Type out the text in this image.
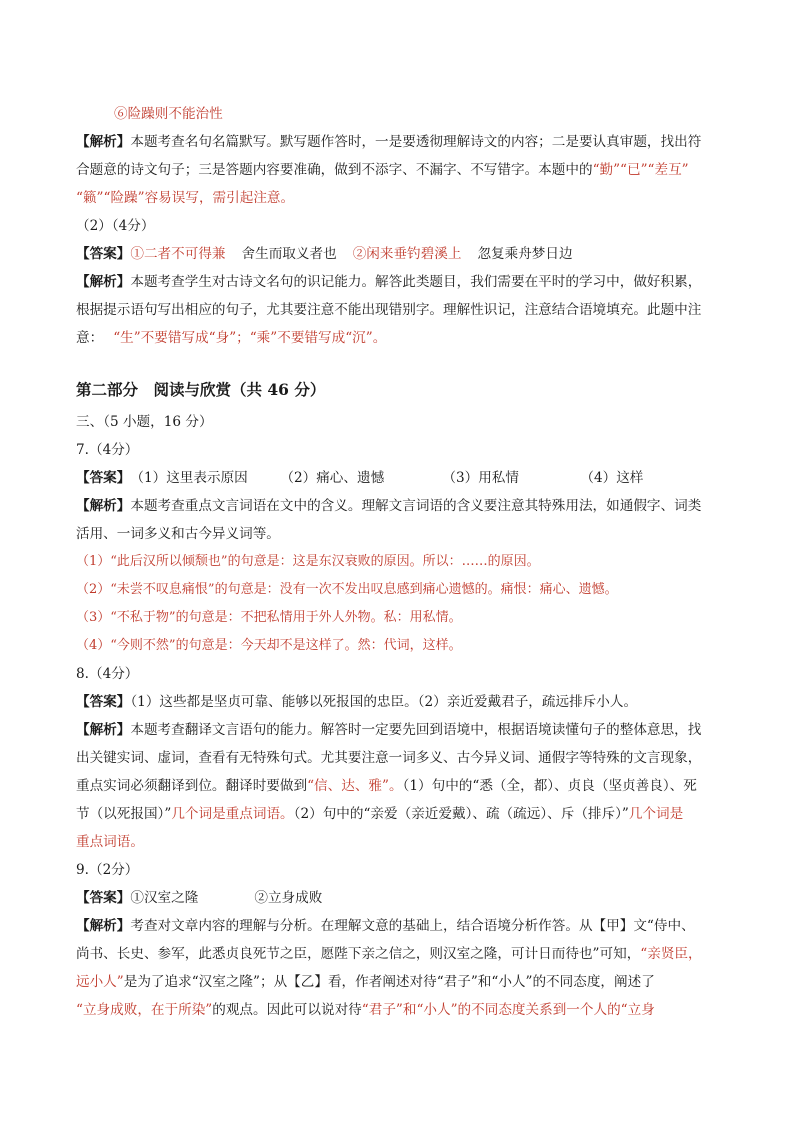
⑥险躁则不能治性
【解析】本题考查名句名篇默写。默写题作答时，一是要透彻理解诗文的内容；二是要认真审题，找出符
合题意的诗文句子；三是答题内容要准确，做到不添字、不漏字、不写错字。本题中的“勤”“已”“差互”
“籁”“险躁”容易误写，需引起注意。
（2）（4分）
【答案】①二者不可得兼 舍生而取义者也 ②闲来垂钓碧溪上 忽复乘舟梦日边
【解析】本题考查学生对古诗文名句的识记能力。解答此类题目，我们需要在平时的学习中，做好积累，
根据提示语句写出相应的句子，尤其要注意不能出现错别字。理解性识记，注意结合语境填充。此题中注
意： “生”不要错写成“身”；“乘”不要错写成“沉”。
第二部分　阅读与欣赏（共 46 分）
三、（5 小题，16 分）
7.（4分）
【答案】（1）这里表示原因 （2）痛心、遗憾	（3）用私情	（4）这样
【解析】本题考查重点文言词语在文中的含义。理解文言词语的含义要注意其特殊用法，如通假字、词类
活用、一词多义和古今异义词等。
（1）“此后汉所以倾颓也”的句意是：这是东汉衰败的原因。所以：……的原因。
（2）“未尝不叹息痛恨”的句意是：没有一次不发出叹息感到痛心遗憾的。痛恨：痛心、遗憾。
（3）“不私于物”的句意是：不把私情用于外人外物。私：用私情。
（4）“今则不然”的句意是：今天却不是这样了。然：代词，这样。
8.（4分）
【答案】（1）这些都是坚贞可靠、能够以死报国的忠臣。（2）亲近爱戴君子，疏远排斥小人。
【解析】本题考查翻译文言语句的能力。解答时一定要先回到语境中，根据语境读懂句子的整体意思，找
出关键实词、虚词，查看有无特殊句式。尤其要注意一词多义、古今异义词、通假字等特殊的文言现象，
重点实词必须翻译到位。翻译时要做到“信、达、雅”。（1）句中的“悉（全，都）、贞良（坚贞善良）、死
节（以死报国）”几个词是重点词语。（2）句中的“亲爱（亲近爱戴）、疏（疏远）、斥（排斥）”几个词是
重点词语。
9.（2分）
【答案】①汉室之隆	②立身成败
【解析】考查对文章内容的理解与分析。在理解文意的基础上，结合语境分析作答。从【甲】文“侍中、
尚书、长史、参军，此悉贞良死节之臣，愿陛下亲之信之，则汉室之隆，可计日而待也”可知，“亲贤臣，
远小人”是为了追求“汉室之隆”；从【乙】看，作者阐述对待“君子”和“小人”的不同态度，阐述了
“立身成败，在于所染”的观点。因此可以说对待“君子”和“小人”的不同态度关系到一个人的“立身
